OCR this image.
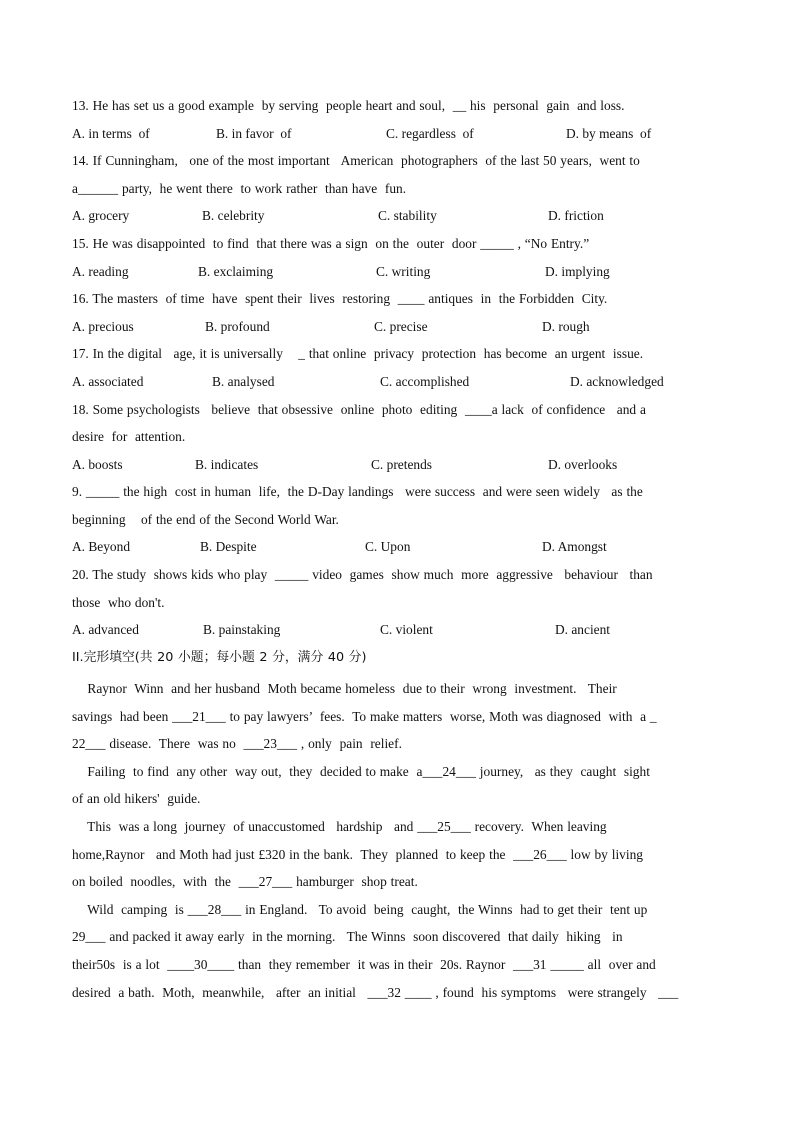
13. He has set us a good example  by serving  people heart and soul,  __ his  personal  gain  and loss.
A. in terms  of	B. in favor  of	C. regardless  of	D. by means  of
14. If Cunningham,   one of the most important   American  photographers  of the last 50 years,  went to
a______ party,  he went there  to work rather  than have  fun.
A. grocery	B. celebrity	C. stability	D. friction
15. He was disappointed  to find  that there was a sign  on the  outer  door _____ , “No Entry.”
A. reading	B. exclaiming	C. writing	D. implying
16. The masters  of time  have  spent their  lives  restoring  ____ antiques  in  the Forbidden  City.
A. precious	B. profound	C. precise	D. rough
17. In the digital   age, it is universally    _ that online  privacy  protection  has become  an urgent  issue.
A. associated	B. analysed	C. accomplished	D. acknowledged
18. Some psychologists   believe  that obsessive  online  photo  editing  ____a lack  of confidence   and a
desire  for  attention.
A. boosts	B. indicates	C. pretends	D. overlooks
9. _____ the high  cost in human  life,  the D-Day landings   were success  and were seen widely   as the
beginning    of the end of the Second World War.
A. Beyond	B. Despite	C. Upon	D. Amongst
20. The study  shows kids who play  _____ video  games  show much  more  aggressive   behaviour   than
those  who don't.
A. advanced	B. painstaking	C. violent	D. ancient
II.完形填空(共 20 小题；每小题 2 分，满分 40 分)
Raynor  Winn  and her husband  Moth became homeless  due to their  wrong  investment.   Their
savings  had been ___21___ to pay lawyers’  fees.  To make matters  worse, Moth was diagnosed  with  a _
22___ disease.  There  was no  ___23___ , only  pain  relief.
Failing  to find  any other  way out,  they  decided to make  a___24___ journey,   as they  caught  sight
of an old hikers'  guide.
This  was a long  journey  of unaccustomed   hardship   and ___25___ recovery.  When leaving
home,Raynor   and Moth had just £320 in the bank.  They  planned  to keep the  ___26___ low by living
on boiled  noodles,  with  the  ___27___ hamburger  shop treat.
Wild  camping  is ___28___ in England.   To avoid  being  caught,  the Winns  had to get their  tent up
29___ and packed it away early  in the morning.   The Winns  soon discovered  that daily  hiking   in
their50s  is a lot  ____30____ than  they remember  it was in their  20s. Raynor  ___31 _____ all  over and
desired  a bath.  Moth,  meanwhile,   after  an initial   ___32 ____ , found  his symptoms   were strangely   ___
